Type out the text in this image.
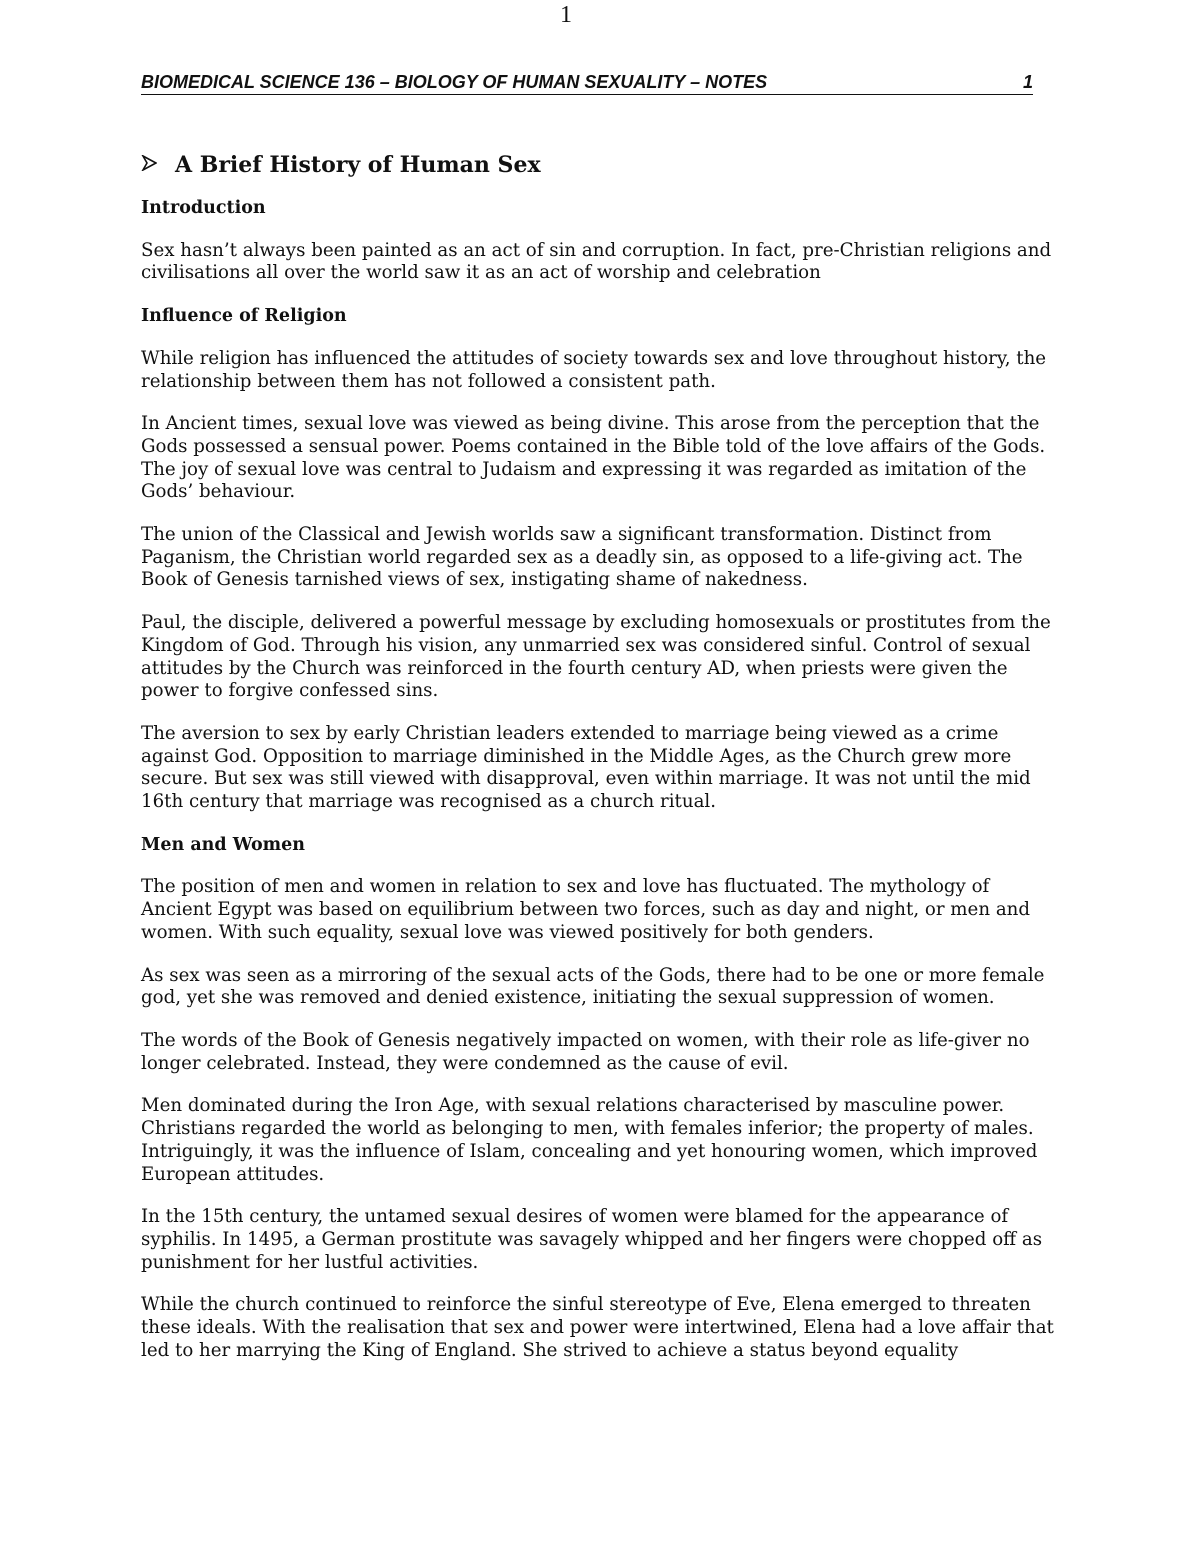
1
BIOMEDICAL SCIENCE 136 – BIOLOGY OF HUMAN SEXUALITY – NOTES	1
A Brief History of Human Sex
Introduction

Sex hasn’t always been painted as an act of sin and corruption. In fact, pre-Christian religions and civilisations all over the world saw it as an act of worship and celebration

Influence of Religion

While religion has influenced the attitudes of society towards sex and love throughout history, the relationship between them has not followed a consistent path.

In Ancient times, sexual love was viewed as being divine. This arose from the perception that the Gods possessed a sensual power. Poems contained in the Bible told of the love affairs of the Gods. The joy of sexual love was central to Judaism and expressing it was regarded as imitation of the Gods’ behaviour.

The union of the Classical and Jewish worlds saw a significant transformation. Distinct from Paganism, the Christian world regarded sex as a deadly sin, as opposed to a life-giving act. The Book of Genesis tarnished views of sex, instigating shame of nakedness.

Paul, the disciple, delivered a powerful message by excluding homosexuals or prostitutes from the Kingdom of God. Through his vision, any unmarried sex was considered sinful. Control of sexual attitudes by the Church was reinforced in the fourth century AD, when priests were given the power to forgive confessed sins.

The aversion to sex by early Christian leaders extended to marriage being viewed as a crime against God. Opposition to marriage diminished in the Middle Ages, as the Church grew more secure. But sex was still viewed with disapproval, even within marriage. It was not until the mid 16th century that marriage was recognised as a church ritual.

Men and Women

The position of men and women in relation to sex and love has fluctuated. The mythology of Ancient Egypt was based on equilibrium between two forces, such as day and night, or men and women. With such equality, sexual love was viewed positively for both genders.

As sex was seen as a mirroring of the sexual acts of the Gods, there had to be one or more female god, yet she was removed and denied existence, initiating the sexual suppression of women.

The words of the Book of Genesis negatively impacted on women, with their role as life-giver no longer celebrated. Instead, they were condemned as the cause of evil.

Men dominated during the Iron Age, with sexual relations characterised by masculine power. Christians regarded the world as belonging to men, with females inferior; the property of males. Intriguingly, it was the influence of Islam, concealing and yet honouring women, which improved European attitudes.

In the 15th century, the untamed sexual desires of women were blamed for the appearance of syphilis. In 1495, a German prostitute was savagely whipped and her fingers were chopped off as punishment for her lustful activities.

While the church continued to reinforce the sinful stereotype of Eve, Elena emerged to threaten these ideals. With the realisation that sex and power were intertwined, Elena had a love affair that led to her marrying the King of England. She strived to achieve a status beyond equality
